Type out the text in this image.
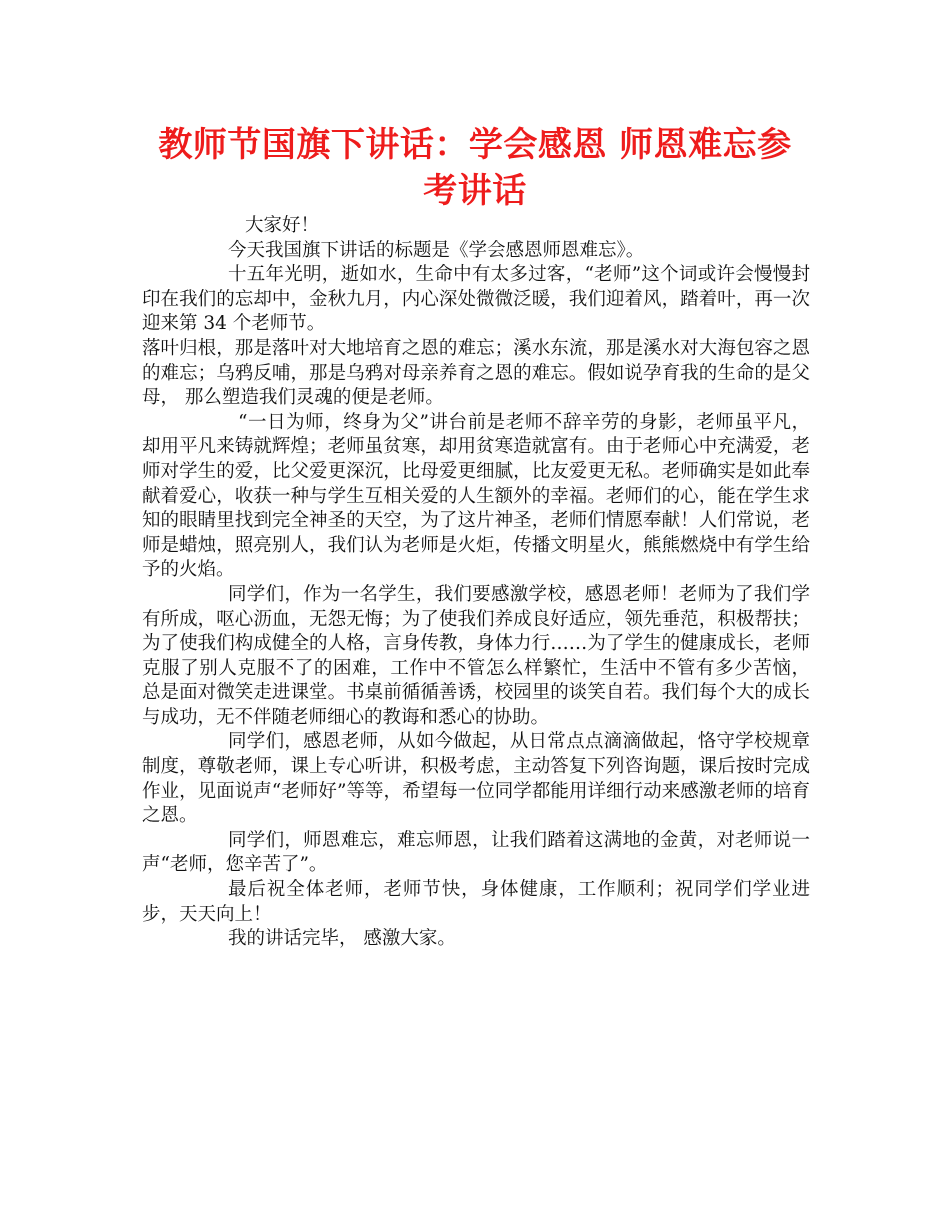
教师节国旗下讲话：学会感恩 师恩难忘参
考讲话

大家好！

今天我国旗下讲话的标题是《学会感恩师恩难忘》。

十五年光明，逝如水，生命中有太多过客，“老师”这个词或许会慢慢封印在我们的忘却中，金秋九月，内心深处微微泛暖，我们迎着风，踏着叶，再一次迎来第 34 个老师节。

落叶归根，那是落叶对大地培育之恩的难忘；溪水东流，那是溪水对大海包容之恩的难忘；乌鸦反哺，那是乌鸦对母亲养育之恩的难忘。假如说孕育我的生命的是父母， 那么塑造我们灵魂的便是老师。

“一日为师，终身为父”讲台前是老师不辞辛劳的身影，老师虽平凡，却用平凡来铸就辉煌；老师虽贫寒，却用贫寒造就富有。由于老师心中充满爱，老师对学生的爱，比父爱更深沉，比母爱更细腻，比友爱更无私。老师确实是如此奉献着爱心，收获一种与学生互相关爱的人生额外的幸福。老师们的心，能在学生求知的眼睛里找到完全神圣的天空，为了这片神圣，老师们情愿奉献！人们常说，老师是蜡烛，照亮别人，我们认为老师是火炬，传播文明星火，熊熊燃烧中有学生给予的火焰。

同学们，作为一名学生，我们要感激学校，感恩老师！老师为了我们学有所成，呕心沥血，无怨无悔；为了使我们养成良好适应，领先垂范，积极帮扶；为了使我们构成健全的人格，言身传教，身体力行……为了学生的健康成长，老师克服了别人克服不了的困难，工作中不管怎么样繁忙，生活中不管有多少苦恼， 总是面对微笑走进课堂。书桌前循循善诱，校园里的谈笑自若。我们每个大的成长与成功，无不伴随老师细心的教诲和悉心的协助。

同学们，感恩老师，从如今做起，从日常点点滴滴做起，恪守学校规章制度，尊敬老师，课上专心听讲，积极考虑，主动答复下列咨询题，课后按时完成作业，见面说声“老师好”等等，希望每一位同学都能用详细行动来感激老师的培育之恩。

同学们，师恩难忘，难忘师恩，让我们踏着这满地的金黄，对老师说一声“老师，您辛苦了”。

最后祝全体老师，老师节快，身体健康，工作顺利；祝同学们学业进步，天天向上！

我的讲话完毕， 感激大家。
